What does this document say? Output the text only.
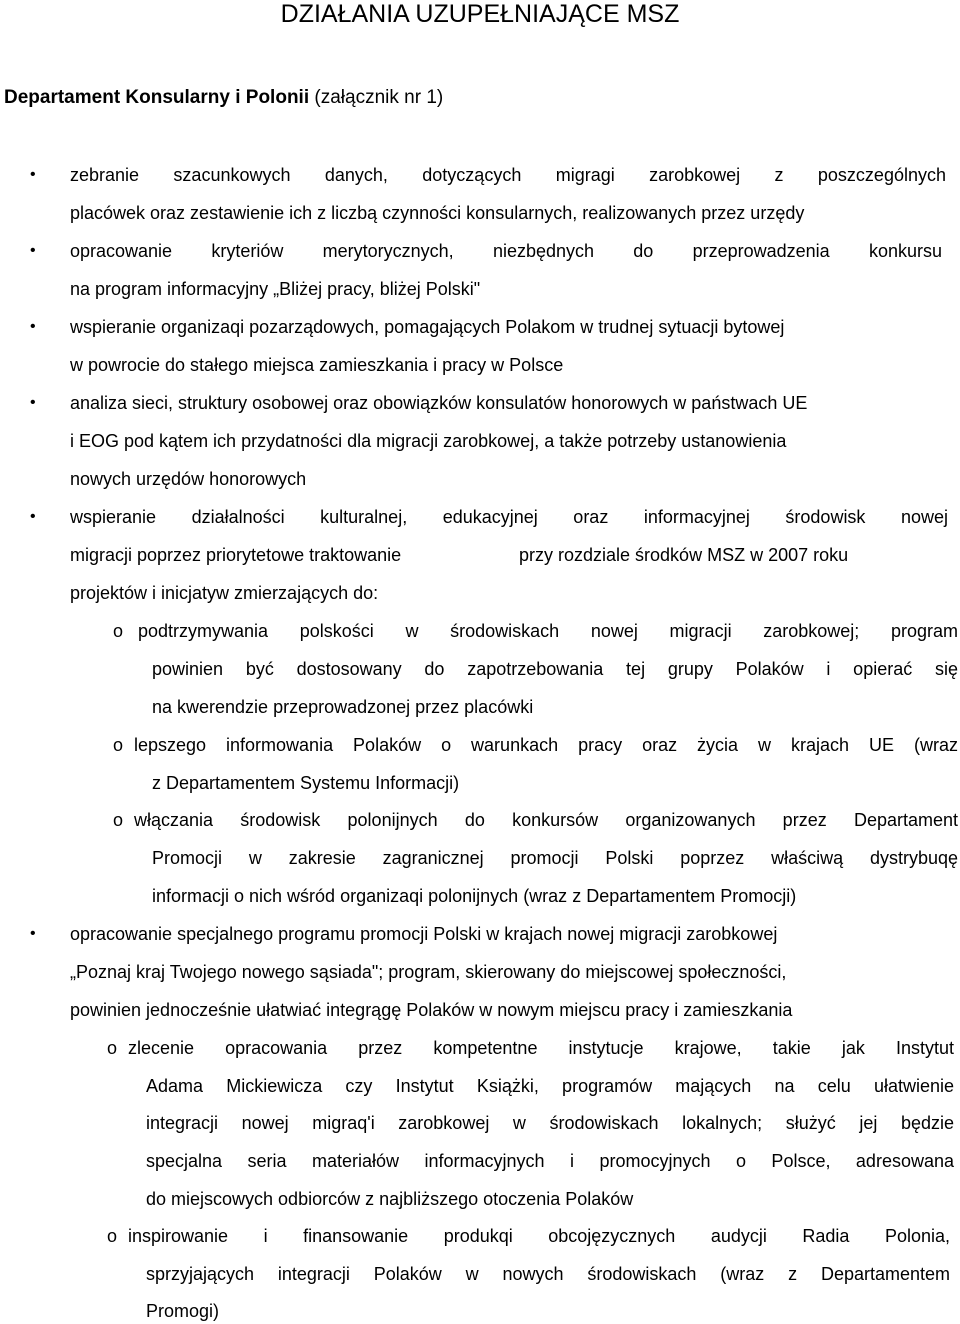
DZIAŁANIA UZUPEŁNIAJĄCE MSZ
Departament Konsularny i Polonii (załącznik nr 1)
•
•
•
•
•
•
o
o
o
o
o
zebranie szacunkowych danych, dotyczących migragi zarobkowej z poszczególnych
placówek oraz zestawienie ich z liczbą czynności konsularnych, realizowanych przez urzędy
opracowanie kryteriów merytorycznych, niezbędnych do przeprowadzenia konkursu
na program informacyjny „Bliżej pracy, bliżej Polski"
wspieranie organizaqi pozarządowych, pomagających Polakom w trudnej sytuacji bytowej
w powrocie do stałego miejsca zamieszkania i pracy w Polsce
analiza sieci, struktury osobowej oraz obowiązków konsulatów honorowych w państwach UE
i EOG pod kątem ich przydatności dla migracji zarobkowej, a także potrzeby ustanowienia
nowych urzędów honorowych
wspieranie działalności kulturalnej, edukacyjnej oraz informacyjnej środowisk nowej
migracji poprzez priorytetowe traktowanie	przy rozdziale środków MSZ w 2007 roku
projektów i inicjatyw zmierzających do:
podtrzymywania polskości w środowiskach nowej migracji zarobkowej; program
powinien być dostosowany do zapotrzebowania tej grupy Polaków i opierać się
na kwerendzie przeprowadzonej przez placówki
lepszego informowania Polaków o warunkach pracy oraz życia w krajach UE (wraz
z Departamentem Systemu Informacji)
włączania środowisk polonijnych do konkursów organizowanych przez Departament
Promocji w zakresie zagranicznej promocji Polski poprzez właściwą dystrybuqę
informacji o nich wśród organizaqi polonijnych (wraz z Departamentem Promocji)
opracowanie specjalnego programu promocji Polski w krajach nowej migracji zarobkowej
„Poznaj kraj Twojego nowego sąsiada"; program, skierowany do miejscowej społeczności,
powinien jednocześnie ułatwiać integrągę Polaków w nowym miejscu pracy i zamieszkania
zlecenie opracowania przez kompetentne instytucje krajowe, takie jak Instytut
Adama Mickiewicza czy Instytut Książki, programów mających na celu ułatwienie
integracji nowej migraq'i zarobkowej w środowiskach lokalnych; służyć jej będzie
specjalna seria materiałów informacyjnych i promocyjnych o Polsce, adresowana
do miejscowych odbiorców z najbliższego otoczenia Polaków
inspirowanie i finansowanie produkqi obcojęzycznych audycji Radia Polonia,
sprzyjających integracji Polaków w nowych środowiskach (wraz z Departamentem
Promogi)
